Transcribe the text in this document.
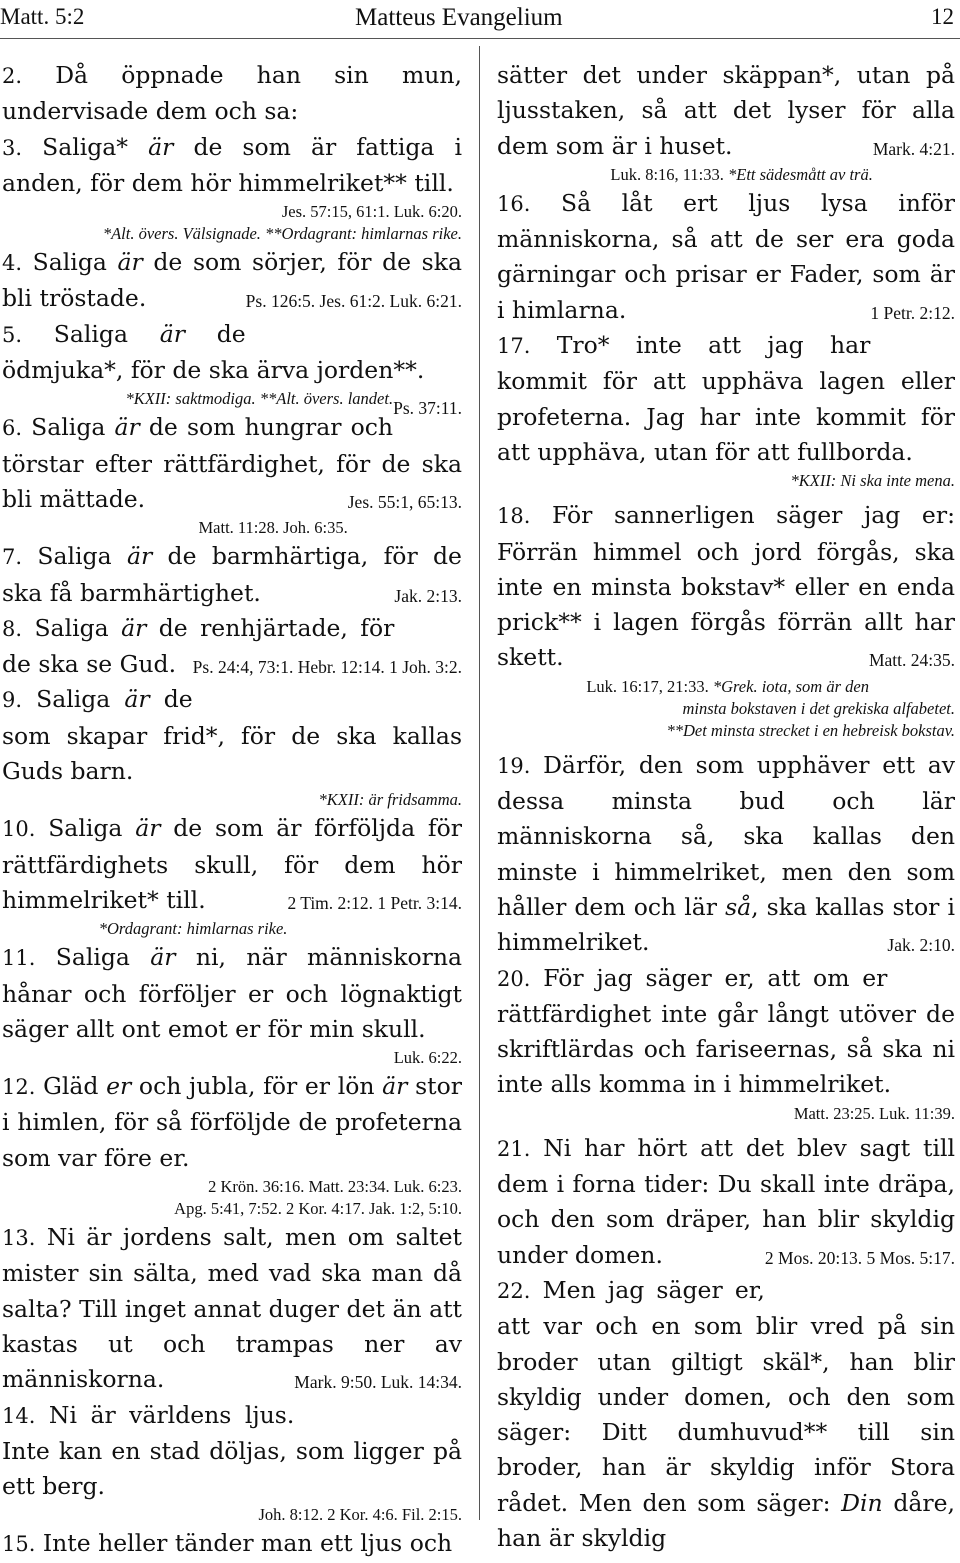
Matt. 5:2	Matteus Evangelium	12

2. Då öppnade han sin mun, undervisade dem och sa:

3. Saliga* är de som är fattiga i anden, för dem hör himmelriket** till.

Jes. 57:15, 61:1. Luk. 6:20.

*Alt. övers. Välsignade. **Ordagrant: himlarnas rike.

4. Saliga är de som sörjer, för de ska bli tröstade.	Ps. 126:5. Jes. 61:2. Luk. 6:21.

5. Saliga är de ödmjuka*, för de ska ärva jorden**.
Ps. 37:11.

*KXII: saktmodiga. **Alt. övers. landet.

6. Saliga är de som hungrar och törstar efter rättfärdighet, för de ska bli mättade.	Jes. 55:1, 65:13.

Matt. 11:28. Joh. 6:35.

7. Saliga är de barmhärtiga, för de ska få barmhärtighet.	Jak. 2:13.

8. Saliga är de renhjärtade, för de ska se Gud. Ps. 24:4, 73:1. Hebr. 12:14. 1 Joh. 3:2.

9. Saliga är de som skapar frid*, för de ska kallas Guds barn.

*KXII: är fridsamma.

10. Saliga är de som är förföljda för rättfärdighets skull, för dem hör himmelriket* till.	2 Tim. 2:12. 1 Petr. 3:14.

*Ordagrant: himlarnas rike.

11. Saliga är ni, när människorna hånar och förföljer er och lögnaktigt säger allt ont emot er för min skull.

Luk. 6:22.

12. Gläd er och jubla, för er lön är stor i himlen, för så förföljde de profeterna som var före er.

2 Krön. 36:16. Matt. 23:34. Luk. 6:23.

Apg. 5:41, 7:52. 2 Kor. 4:17. Jak. 1:2, 5:10.

13. Ni är jordens salt, men om saltet mister sin sälta, med vad ska man då salta? Till inget annat duger det än att kastas ut och trampas ner av människorna.	Mark. 9:50. Luk. 14:34.

14. Ni är världens ljus. Inte kan en stad döljas, som ligger på ett berg.

Joh. 8:12. 2 Kor. 4:6. Fil. 2:15.

15. Inte heller tänder man ett ljus och

sätter det under skäppan*, utan på ljusstaken, så att det lyser för alla dem som är i huset.	Mark. 4:21.

Luk. 8:16, 11:33. *Ett sädesmått av trä.

16. Så låt ert ljus lysa inför människorna, så att de ser era goda gärningar och prisar er Fader, som är i himlarna.	1 Petr. 2:12.

17. Tro* inte att jag har kommit för att upphäva lagen eller profeterna. Jag har inte kommit för att upphäva, utan för att fullborda.

*KXII: Ni ska inte mena.

18. För sannerligen säger jag er: Förrän himmel och jord förgås, ska inte en minsta bokstav* eller en enda prick** i lagen förgås förrän allt har skett.	Matt. 24:35.

Luk. 16:17, 21:33. *Grek. iota, som är den

minsta bokstaven i det grekiska alfabetet.

**Det minsta strecket i en hebreisk bokstav.

19. Därför, den som upphäver ett av dessa minsta bud och lär människorna så, ska kallas den minste i himmelriket, men den som håller dem och lär så, ska kallas stor i himmelriket.	Jak. 2:10.

20. För jag säger er, att om er rättfärdighet inte går långt utöver de skriftlärdas och fariseernas, så ska ni inte alls komma in i himmelriket.

Matt. 23:25. Luk. 11:39.

21. Ni har hört att det blev sagt till dem i forna tider: Du skall inte dräpa, och den som dräper, han blir skyldig under domen.	2 Mos. 20:13. 5 Mos. 5:17.

22. Men jag säger er, att var och en som blir vred på sin broder utan giltigt skäl*, han blir skyldig under domen, och den som säger: Ditt dumhuvud** till sin broder, han är skyldig inför Stora rådet. Men den som säger: Din dåre, han är skyldig
